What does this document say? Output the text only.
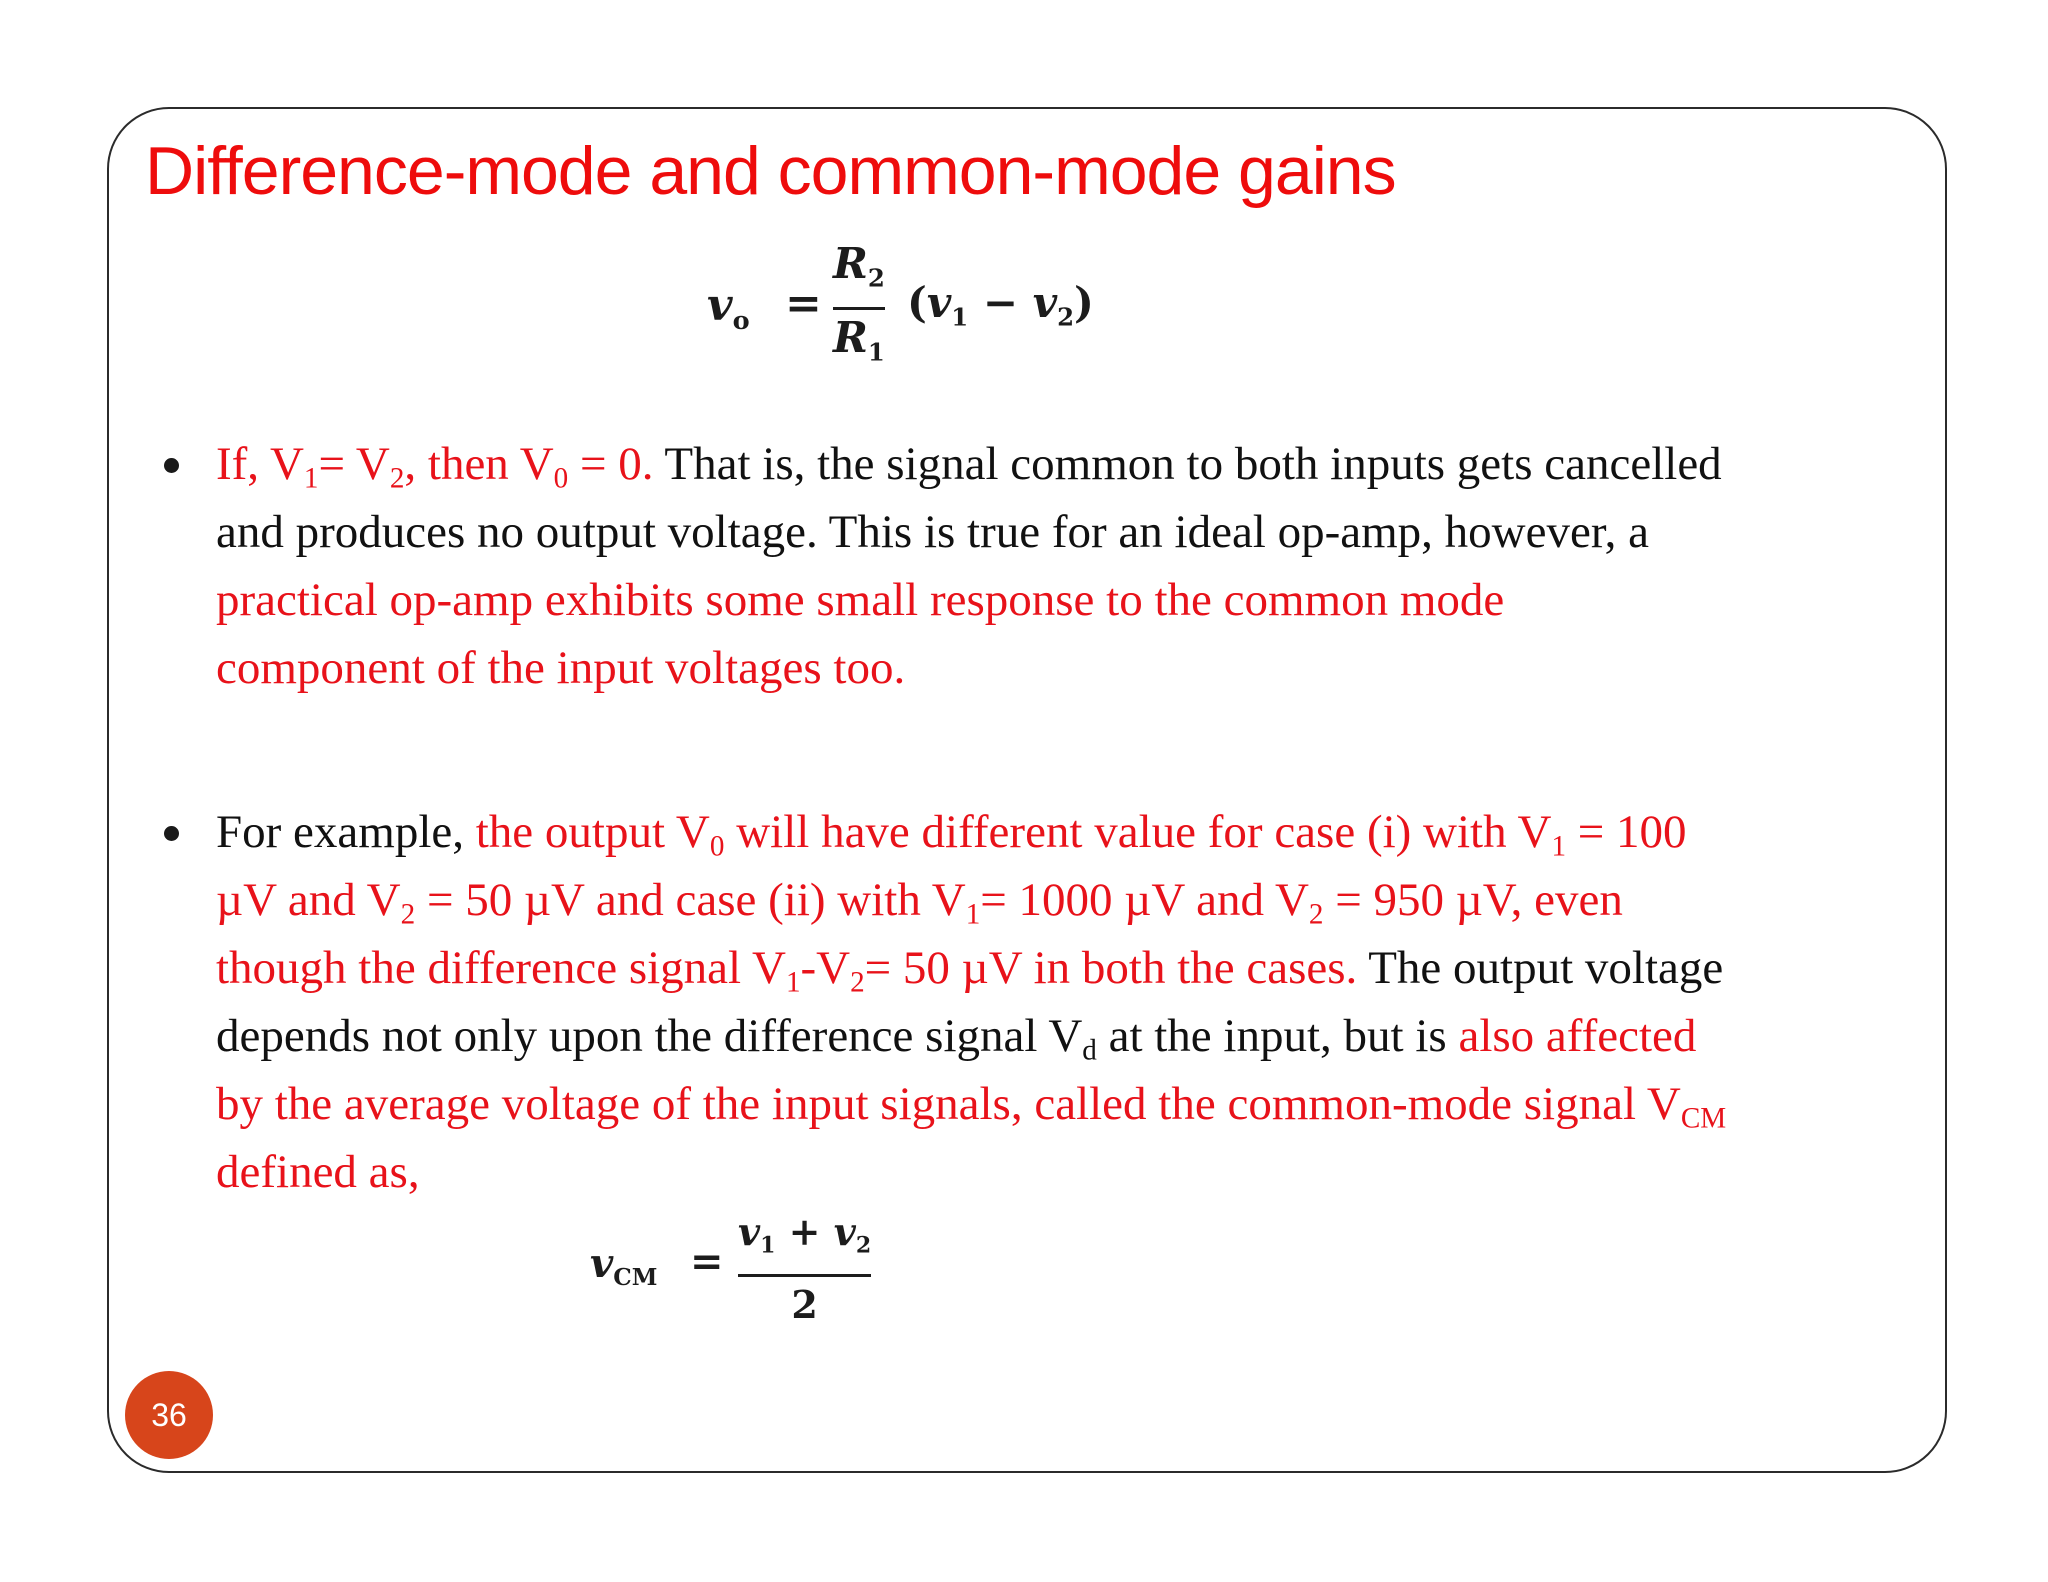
Difference-mode and common-mode gains
$v_o$ =
$R_2$
$R_1$
$(v_1 - v_2)$

If, $V_1= V_2$, then $V_0 = 0$. That is, the signal common to both inputs gets cancelled
and produces no output voltage. This is true for an ideal op-amp, however, a
practical op-amp exhibits some small response to the common mode
component of the input voltages too.

For example, the output $V_0$ will have different value for case (i) with $V_1 = 100$
µV and $V_2 = 50$ µV and case (ii) with $V_1= 1000$ µV and $V_2 = 950$ µV, even
though the difference signal $V_1-V_2= 50$ µV in both the cases. The output voltage
depends not only upon the difference signal $V_d$ at the input, but is also affected
by the average voltage of the input signals, called the common-mode signal $V_{CM}$
defined as,

$v_{CM}$ =
$v_1 + v_2$
2
36
